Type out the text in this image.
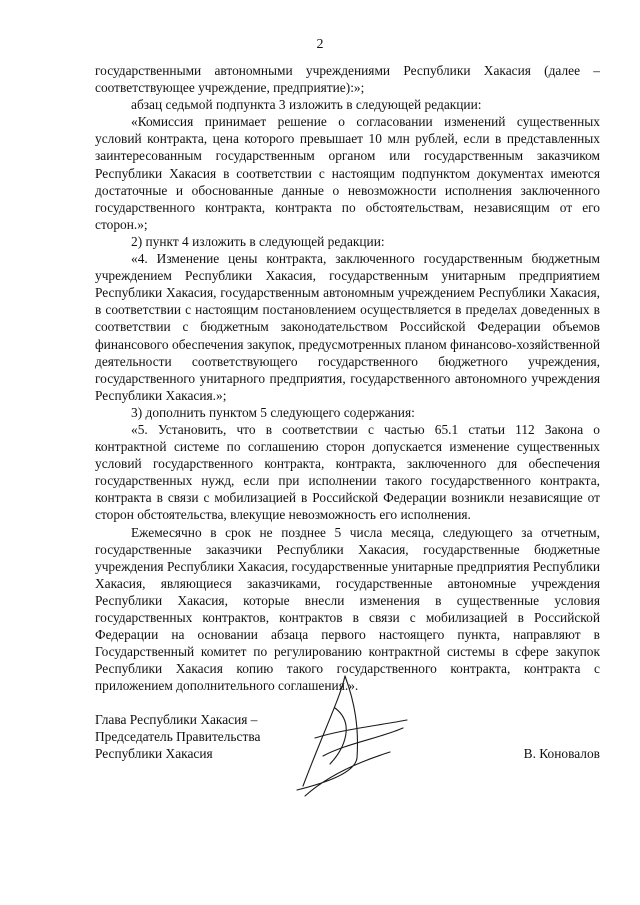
2

государственными автономными учреждениями Республики Хакасия (далее – соответствующее учреждение, предприятие):»;

абзац седьмой подпункта 3 изложить в следующей редакции:

«Комиссия принимает решение о согласовании изменений существенных условий контракта, цена которого превышает 10 млн рублей, если в представленных заинтересованным государственным органом или государственным заказчиком Республики Хакасия в соответствии с настоящим подпунктом документах имеются достаточные и обоснованные данные о невозможности исполнения заключенного государственного контракта, контракта по обстоятельствам, независящим от его сторон.»;

2) пункт 4 изложить в следующей редакции:

«4. Изменение цены контракта, заключенного государственным бюджетным учреждением Республики Хакасия, государственным унитарным предприятием Республики Хакасия, государственным автономным учреждением Республики Хакасия, в соответствии с настоящим постановлением осуществляется в пределах доведенных в соответствии с бюджетным законодательством Российской Федерации объемов финансового обеспечения закупок, предусмотренных планом финансово-хозяйственной деятельности соответствующего государственного бюджетного учреждения, государственного унитарного предприятия, государственного автономного учреждения Республики Хакасия.»;

3) дополнить пунктом 5 следующего содержания:

«5. Установить, что в соответствии с частью 65.1 статьи 112 Закона о контрактной системе по соглашению сторон допускается изменение существенных условий государственного контракта, контракта, заключенного для обеспечения государственных нужд, если при исполнении такого государственного контракта, контракта в связи с мобилизацией в Российской Федерации возникли независящие от сторон обстоятельства, влекущие невозможность его исполнения.

Ежемесячно в срок не позднее 5 числа месяца, следующего за отчетным, государственные заказчики Республики Хакасия, государственные бюджетные учреждения Республики Хакасия, государственные унитарные предприятия Республики Хакасия, являющиеся заказчиками, государственные автономные учреждения Республики Хакасия, которые внесли изменения в существенные условия государственных контрактов, контрактов в связи с мобилизацией в Российской Федерации на основании абзаца первого настоящего пункта, направляют в Государственный комитет по регулированию контрактной системы в сфере закупок Республики Хакасия копию такого государственного контракта, контракта с приложением дополнительного соглашения.».

Глава Республики Хакасия –
Председатель Правительства
Республики Хакасия	В. Коновалов
